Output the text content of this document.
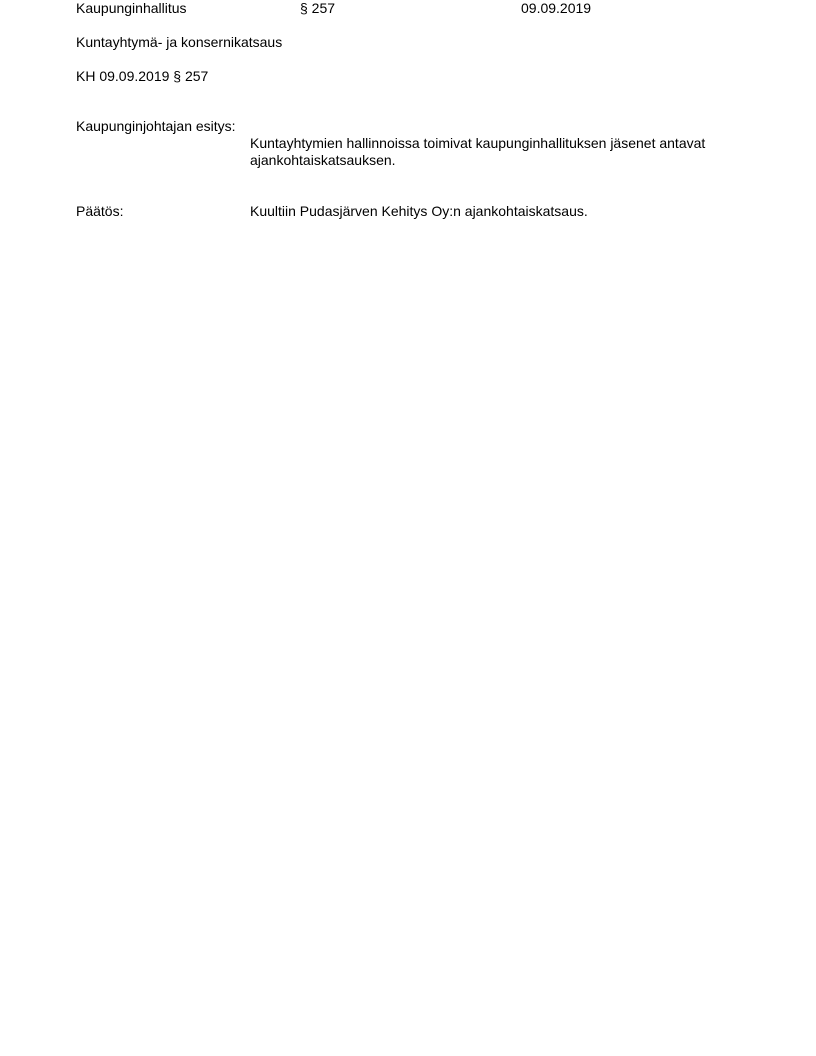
Kaupunginhallitus	§ 257	09.09.2019
Kuntayhtymä- ja konsernikatsaus
KH 09.09.2019 § 257
Kaupunginjohtajan esitys:
Kuntayhtymien hallinnoissa toimivat kaupunginhallituksen jäsenet antavat ajankohtaiskatsauksen.
Päätös:	Kuultiin Pudasjärven Kehitys Oy:n ajankohtaiskatsaus.
